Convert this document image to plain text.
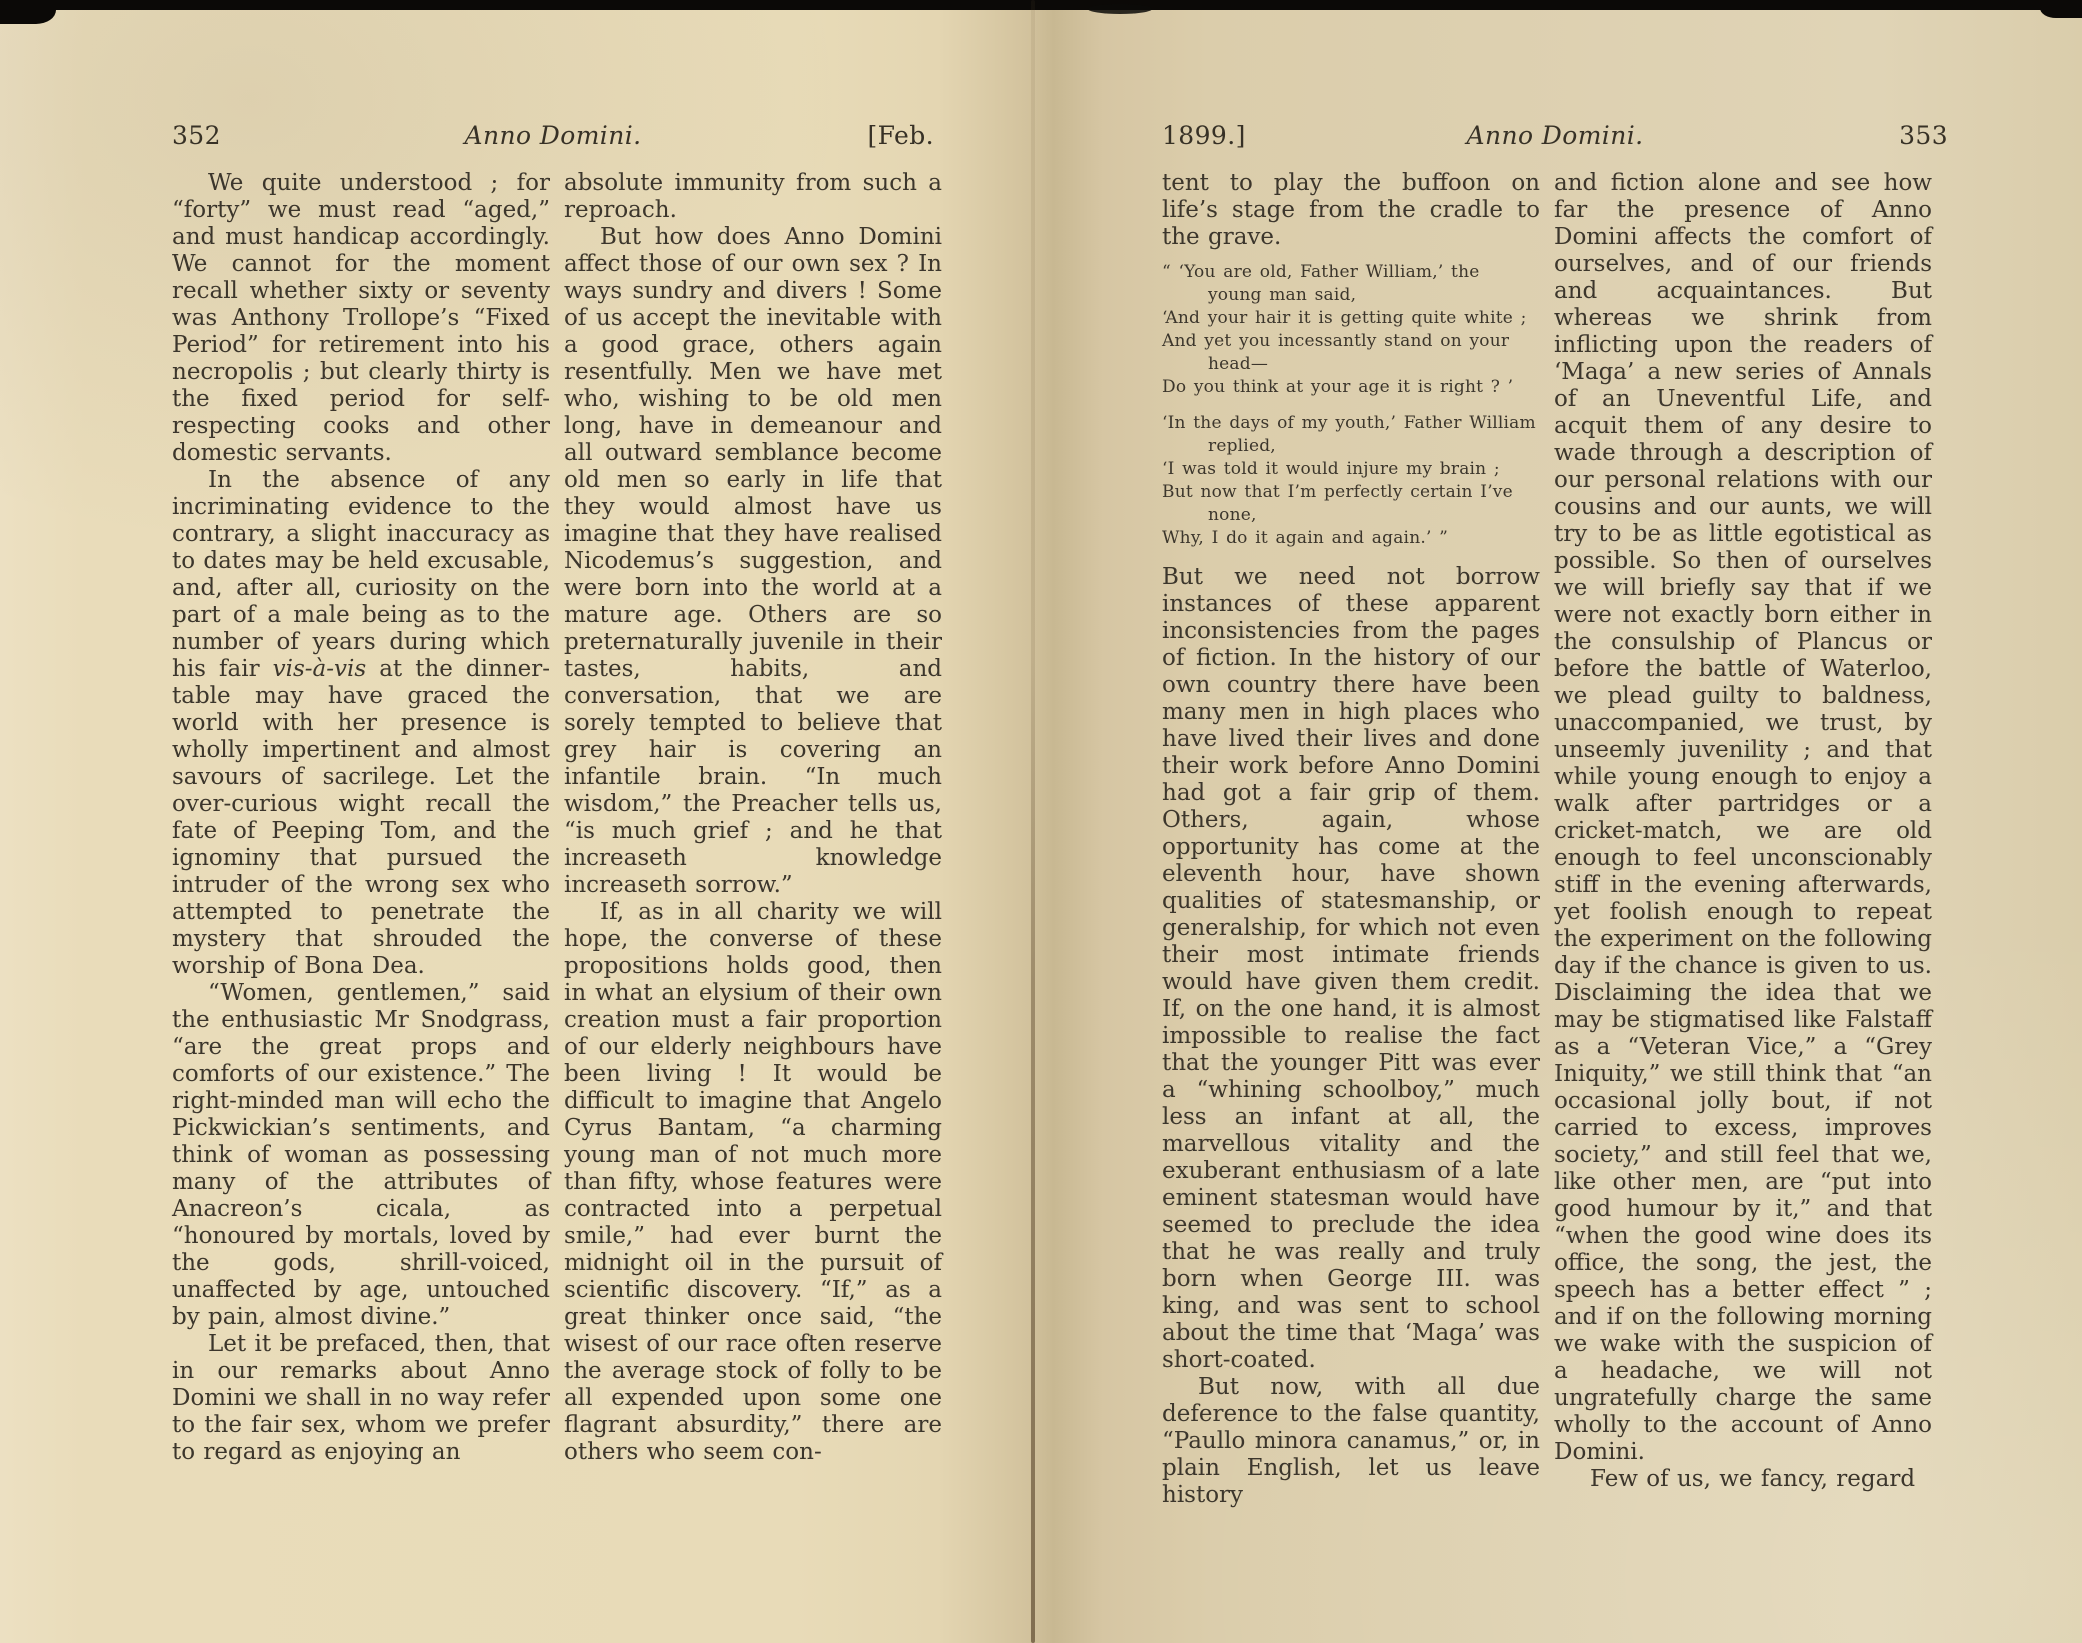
352	Anno Domini.	[Feb.

We quite understood ; for “forty” we must read “aged,” and must handicap accordingly. We cannot for the moment recall whether sixty or seventy was Anthony Trollope’s “Fixed Period” for retirement into his necropolis ; but clearly thirty is the fixed period for self-respecting cooks and other domestic servants.

In the absence of any incriminating evidence to the contrary, a slight inaccuracy as to dates may be held excusable, and, after all, curiosity on the part of a male being as to the number of years during which his fair vis-à-vis at the dinner-table may have graced the world with her presence is wholly impertinent and almost savours of sacrilege. Let the over-curious wight recall the fate of Peeping Tom, and the ignominy that pursued the intruder of the wrong sex who attempted to penetrate the mystery that shrouded the worship of Bona Dea.

“Women, gentlemen,” said the enthusiastic Mr Snodgrass, “are the great props and comforts of our existence.” The right-minded man will echo the Pickwickian’s sentiments, and think of woman as possessing many of the attributes of Anacreon’s cicala, as “honoured by mortals, loved by the gods, shrill-voiced, unaffected by age, untouched by pain, almost divine.”

Let it be prefaced, then, that in our remarks about Anno Domini we shall in no way refer to the fair sex, whom we prefer to regard as enjoying an

absolute immunity from such a reproach.

But how does Anno Domini affect those of our own sex ? In ways sundry and divers ! Some of us accept the inevitable with a good grace, others again resentfully. Men we have met who, wishing to be old men long, have in demeanour and all outward semblance become old men so early in life that they would almost have us imagine that they have realised Nicodemus’s suggestion, and were born into the world at a mature age. Others are so preternaturally juvenile in their tastes, habits, and conversation, that we are sorely tempted to believe that grey hair is covering an infantile brain. “In much wisdom,” the Preacher tells us, “is much grief ; and he that increaseth knowledge increaseth sorrow.”

If, as in all charity we will hope, the converse of these propositions holds good, then in what an elysium of their own creation must a fair proportion of our elderly neighbours have been living ! It would be difficult to imagine that Angelo Cyrus Bantam, “a charming young man of not much more than fifty, whose features were contracted into a perpetual smile,” had ever burnt the midnight oil in the pursuit of scientific discovery. “If,” as a great thinker once said, “the wisest of our race often reserve the average stock of folly to be all expended upon some one flagrant absurdity,” there are others who seem con-

1899.]	Anno Domini.	353

tent to play the buffoon on life’s stage from the cradle to the grave.

“ ‘You are old, Father William,’ the young man said,
‘And your hair it is getting quite white ;
And yet you incessantly stand on your head—
Do you think at your age it is right ? ’
‘In the days of my youth,’ Father William replied,
‘I was told it would injure my brain ;
But now that I’m perfectly certain I’ve none,
Why, I do it again and again.’ ”

But we need not borrow instances of these apparent inconsistencies from the pages of fiction. In the history of our own country there have been many men in high places who have lived their lives and done their work before Anno Domini had got a fair grip of them. Others, again, whose opportunity has come at the eleventh hour, have shown qualities of statesmanship, or generalship, for which not even their most intimate friends would have given them credit. If, on the one hand, it is almost impossible to realise the fact that the younger Pitt was ever a “whining schoolboy,” much less an infant at all, the marvellous vitality and the exuberant enthusiasm of a late eminent statesman would have seemed to preclude the idea that he was really and truly born when George III. was king, and was sent to school about the time that ‘Maga’ was short-coated.

But now, with all due deference to the false quantity, “Paullo minora canamus,” or, in plain English, let us leave history

and fiction alone and see how far the presence of Anno Domini affects the comfort of ourselves, and of our friends and acquaintances. But whereas we shrink from inflicting upon the readers of ‘Maga’ a new series of Annals of an Uneventful Life, and acquit them of any desire to wade through a description of our personal relations with our cousins and our aunts, we will try to be as little egotistical as possible. So then of ourselves we will briefly say that if we were not exactly born either in the consulship of Plancus or before the battle of Waterloo, we plead guilty to baldness, unaccompanied, we trust, by unseemly juvenility ; and that while young enough to enjoy a walk after partridges or a cricket-match, we are old enough to feel unconscionably stiff in the evening afterwards, yet foolish enough to repeat the experiment on the following day if the chance is given to us. Disclaiming the idea that we may be stigmatised like Falstaff as a “Veteran Vice,” a “Grey Iniquity,” we still think that “an occasional jolly bout, if not carried to excess, improves society,” and still feel that we, like other men, are “put into good humour by it,” and that “when the good wine does its office, the song, the jest, the speech has a better effect ” ; and if on the following morning we wake with the suspicion of a headache, we will not ungratefully charge the same wholly to the account of Anno Domini.

Few of us, we fancy, regard
